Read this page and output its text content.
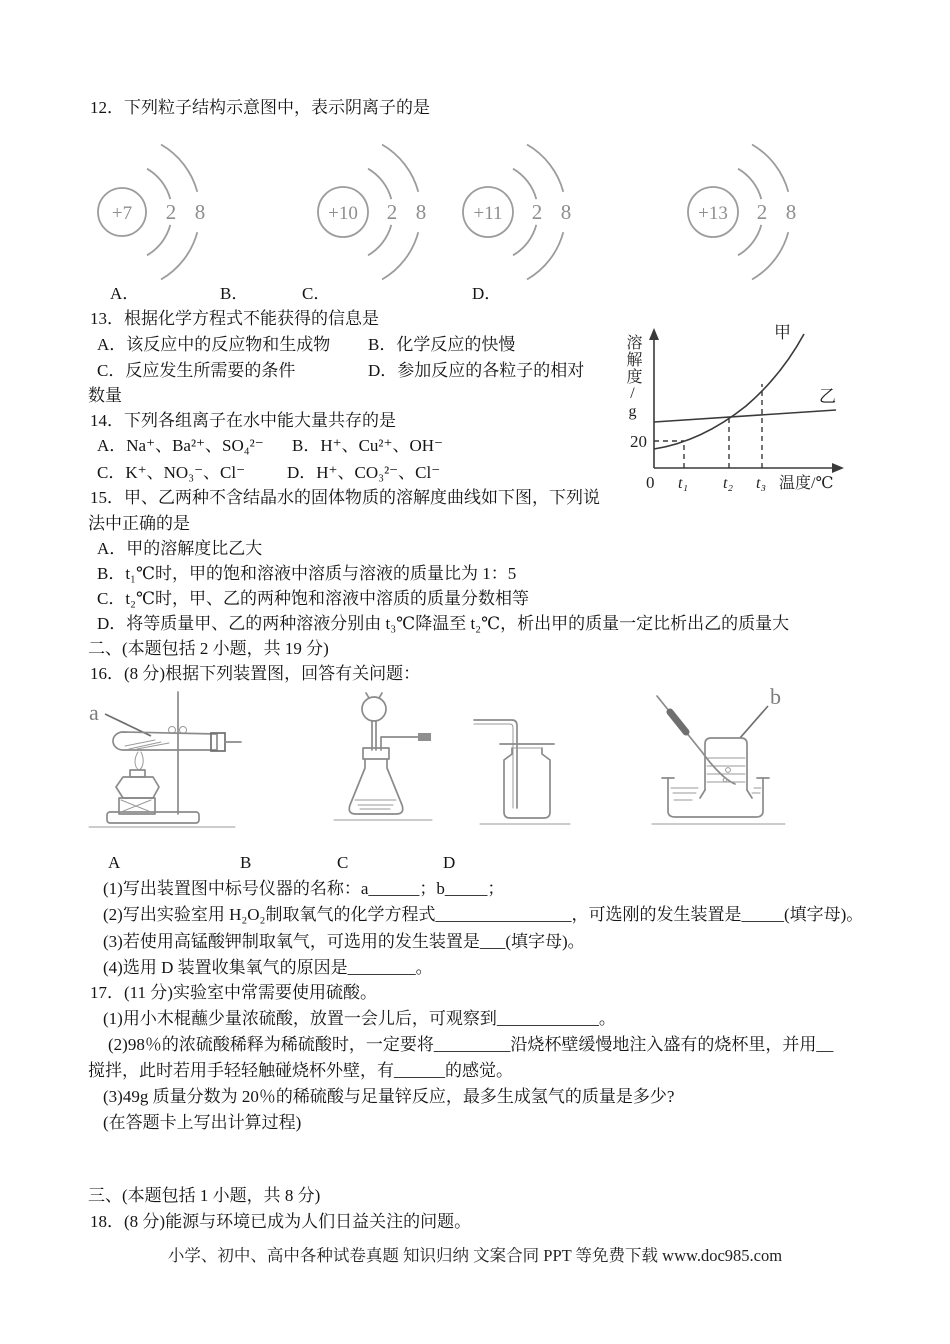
12．下列粒子结构示意图中，表示阴离子的是
+7 2 8	+10 2 8 +11 2 8	+13 2 8
A．	B．	C．	D．
13．根据化学方程式不能获得的信息是
A．该反应中的反应物和生成物 B．化学反应的快慢
C．反应发生所需要的条件	D．参加反应的各粒子的相对
数量
14．下列各组离子在水中能大量共存的是
A．Na⁺、Ba²⁺、SO₄²⁻ B．H⁺、Cu²⁺、OH⁻
C．K⁺、NO₃⁻、Cl⁻ D．H⁺、CO₃²⁻、Cl⁻
溶解度/g
20
0 t₁ t₂ t₃ 温度/℃
甲
乙
15．甲、乙两种不含结晶水的固体物质的溶解度曲线如下图，下列说
法中正确的是
A．甲的溶解度比乙大
B．t₁℃时，甲的饱和溶液中溶质与溶液的质量比为 1：5
C．t₂℃时，甲、乙的两种饱和溶液中溶质的质量分数相等
D．将等质量甲、乙的两种溶液分别由 t₃℃降温至 t₂℃，析出甲的质量一定比析出乙的质量大
二、(本题包括 2 小题，共 19 分)
16．(8 分)根据下列装置图，回答有关问题：
a
b
A	B	C	D
(1)写出装置图中标号仪器的名称：a______；b_____；
(2)写出实验室用 H₂O₂制取氧气的化学方程式________________，可选刚的发生装置是_____(填字母)。
(3)若使用高锰酸钾制取氧气，可选用的发生装置是___(填字母)。
(4)选用 D 装置收集氧气的原因是________。
17．(11 分)实验室中常需要使用硫酸。
(1)用小木棍蘸少量浓硫酸，放置一会儿后，可观察到____________。
(2)98％的浓硫酸稀释为稀硫酸时，一定要将_________沿烧杯壁缓慢地注入盛有的烧杯里，并用__
搅拌，此时若用手轻轻触碰烧杯外壁，有______的感觉。
(3)49g 质量分数为 20％的稀硫酸与足量锌反应，最多生成氢气的质量是多少?
(在答题卡上写出计算过程)
三、(本题包括 1 小题，共 8 分)
18．(8 分)能源与环境已成为人们日益关注的问题。
小学、初中、高中各种试卷真题 知识归纳 文案合同 PPT 等免费下载 www.doc985.com
